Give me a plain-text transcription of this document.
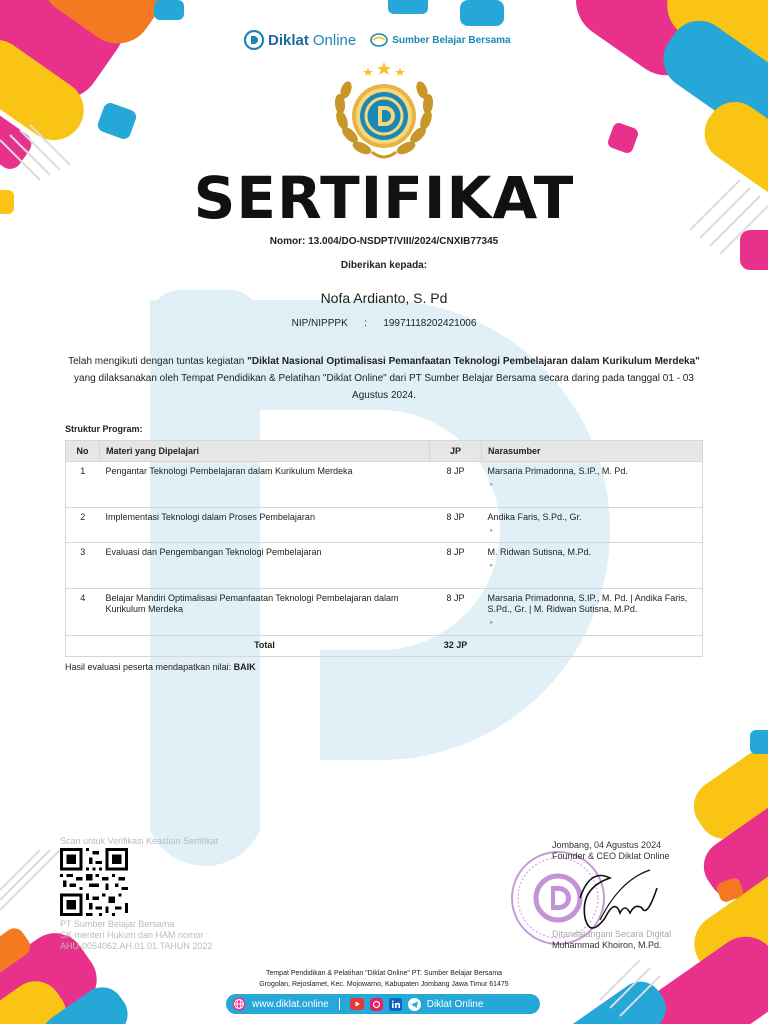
Diklat Online	Sumber Belajar Bersama
SERTIFIKAT
Nomor: 13.004/DO-NSDPT/VIII/2024/CNXIB77345
Diberikan kepada:
Nofa Ardianto, S. Pd
NIP/NIPPPK : 19971118202421006
Telah mengikuti dengan tuntas kegiatan "Diklat Nasional Optimalisasi Pemanfaatan Teknologi Pembelajaran dalam Kurikulum Merdeka" yang dilaksanakan oleh Tempat Pendidikan & Pelatihan "Diklat Online" dari PT Sumber Belajar Bersama secara daring pada tanggal 01 - 03 Agustus 2024.
Struktur Program:
No	Materi yang Dipelajari	JP	Narasumber
1	Pengantar Teknologi Pembelajaran dalam Kurikulum Merdeka	8 JP	Marsaria Primadonna, S.IP., M. Pd.
◦

2	Implementasi Teknologi dalam Proses Pembelajaran	8 JP	Andika Faris, S.Pd., Gr.
◦

3	Evaluasi dan Pengembangan Teknologi Pembelajaran	8 JP	M. Ridwan Sutisna, M.Pd.
◦

4	Belajar Mandiri Optimalisasi Pemanfaatan Teknologi Pembelajaran dalam Kurikulum Merdeka	8 JP	Marsaria Primadonna, S.IP., M. Pd. | Andika Faris, S.Pd., Gr. | M. Ridwan Sutisna, M.Pd.
◦

	Total	32 JP	
Hasil evaluasi peserta mendapatkan nilai: BAIK
Scan untuk Verifikasi Keaslian Sertifikat
PT Sumber Belajar Bersama
SK menteri Hukum dan HAM nomor
AHU-0054062.AH.01.01.TAHUN 2022
Jombang, 04 Agustus 2024
Founder & CEO Diklat Online
Ditandatangani Secara Digital
Muhammad Khoiron, M.Pd.
Tempat Pendidikan & Pelatihan "Diklat Online" PT. Sumber Belajar Bersama
Grogolan, Rejoslamet, Kec. Mojowarno, Kabupaten Jombang Jawa Timur 61475
www.diklat.online	Diklat Online
